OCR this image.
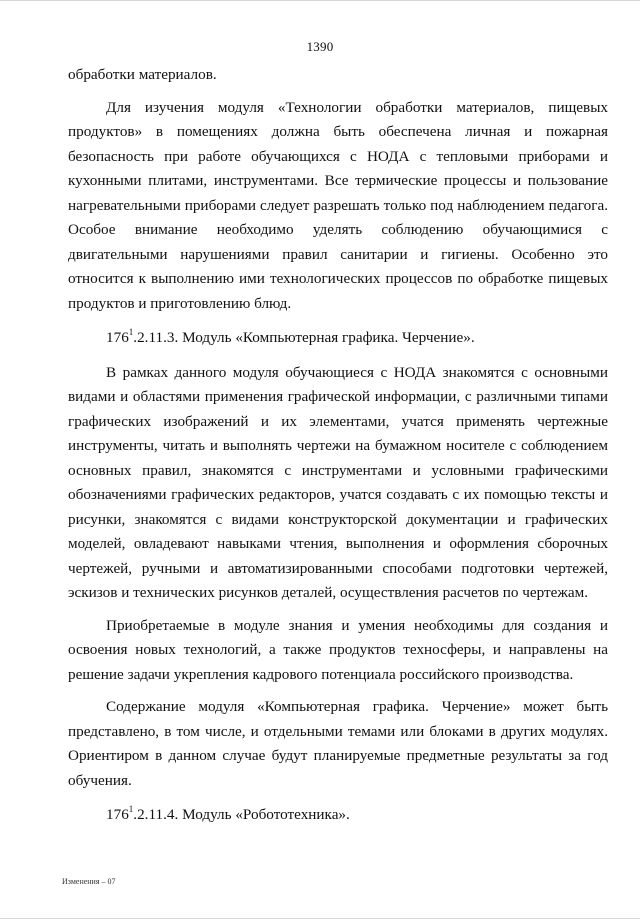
1390

обработки материалов.

Для изучения модуля «Технологии обработки материалов, пищевых продуктов» в помещениях должна быть обеспечена личная и пожарная безопасность при работе обучающихся с НОДА с тепловыми приборами и кухонными плитами, инструментами. Все термические процессы и пользование нагревательными приборами следует разрешать только под наблюдением педагога. Особое внимание необходимо уделять соблюдению обучающимися с двигательными нарушениями правил санитарии и гигиены. Особенно это относится к выполнению ими технологических процессов по обработке пищевых продуктов и приготовлению блюд.

$176^1.2.11.3$. Модуль «Компьютерная графика. Черчение».

В рамках данного модуля обучающиеся с НОДА знакомятся с основными видами и областями применения графической информации, с различными типами графических изображений и их элементами, учатся применять чертежные инструменты, читать и выполнять чертежи на бумажном носителе с соблюдением основных правил, знакомятся с инструментами и условными графическими обозначениями графических редакторов, учатся создавать с их помощью тексты и рисунки, знакомятся с видами конструкторской документации и графических моделей, овладевают навыками чтения, выполнения и оформления сборочных чертежей, ручными и автоматизированными способами подготовки чертежей, эскизов и технических рисунков деталей, осуществления расчетов по чертежам.

Приобретаемые в модуле знания и умения необходимы для создания и освоения новых технологий, а также продуктов техносферы, и направлены на решение задачи укрепления кадрового потенциала российского производства.

Содержание модуля «Компьютерная графика. Черчение» может быть представлено, в том числе, и отдельными темами или блоками в других модулях. Ориентиром в данном случае будут планируемые предметные результаты за год обучения.

$176^1.2.11.4$. Модуль «Робототехника».

Изменения – 07
